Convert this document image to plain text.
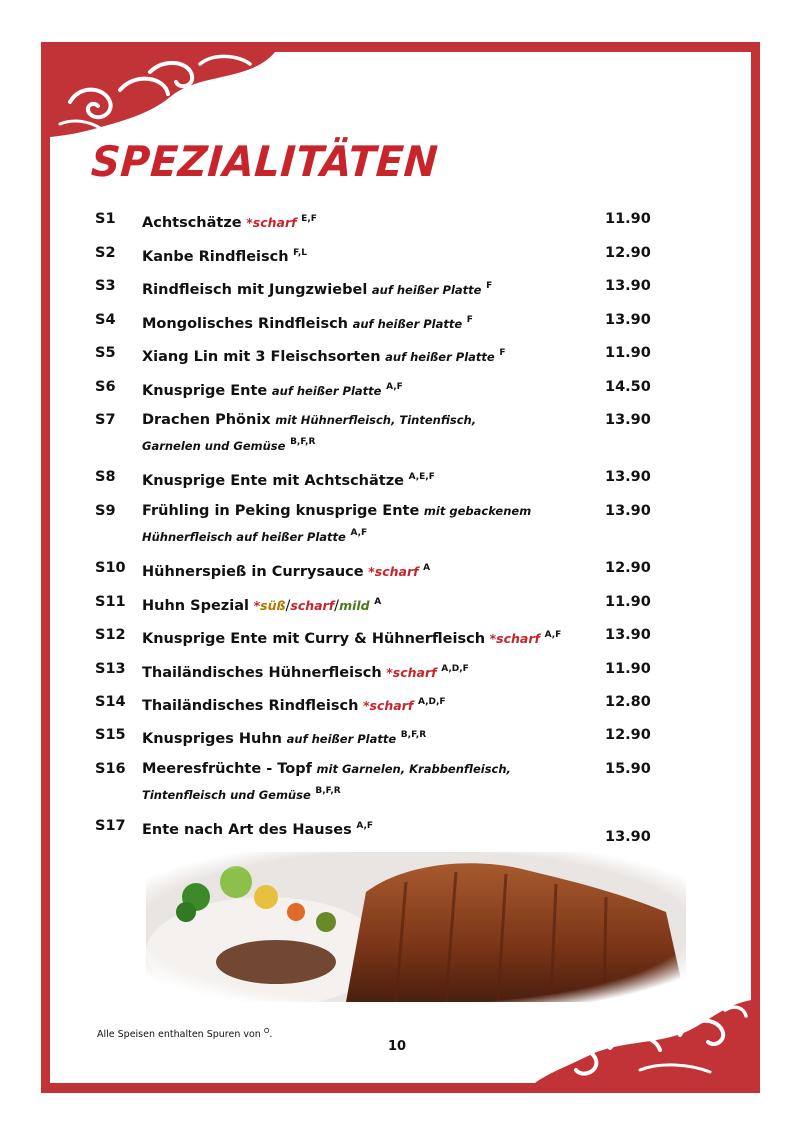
SPEZIALITÄTEN
S1 Achtschätze *scharf $^{E,F}$	11.90
S2 Kanbe Rindfleisch $^{F,L}$	12.90
S3 Rindfleisch mit Jungzwiebel auf heißer Platte $^F$	13.90
S4 Mongolisches Rindfleisch auf heißer Platte $^F$	13.90
S5 Xiang Lin mit 3 Fleischsorten auf heißer Platte $^F$	11.90
S6 Knusprige Ente auf heißer Platte $^{A,F}$	14.50
S7 Drachen Phönix mit Hühnerfleisch, Tintenfisch,
Garnelen und Gemüse $^{B,F,R}$
13.90
S8 Knusprige Ente mit Achtschätze $^{A,E,F}$	13.90
S9 Frühling in Peking knusprige Ente mit gebackenem
Hühnerfleisch auf heißer Platte $^{A,F}$
13.90
S10 Hühnerspieß in Currysauce *scharf $^A$	12.90
S11 Huhn Spezial *süß/scharf/mild $^A$	11.90
S12 Knusprige Ente mit Curry & Hühnerfleisch *scharf $^{A,F}$	13.90
S13 Thailändisches Hühnerfleisch *scharf $^{A,D,F}$	11.90
S14 Thailändisches Rindfleisch *scharf $^{A,D,F}$	12.80
S15 Knuspriges Huhn auf heißer Platte $^{B,F,R}$	12.90
S16 Meeresfrüchte - Topf mit Garnelen, Krabbenfleisch,
Tintenfleisch und Gemüse $^{B,F,R}$
15.90
S17 Ente nach Art des Hauses $^{A,F}$
13.90
Alle Speisen enthalten Spuren von $^O$.
10
